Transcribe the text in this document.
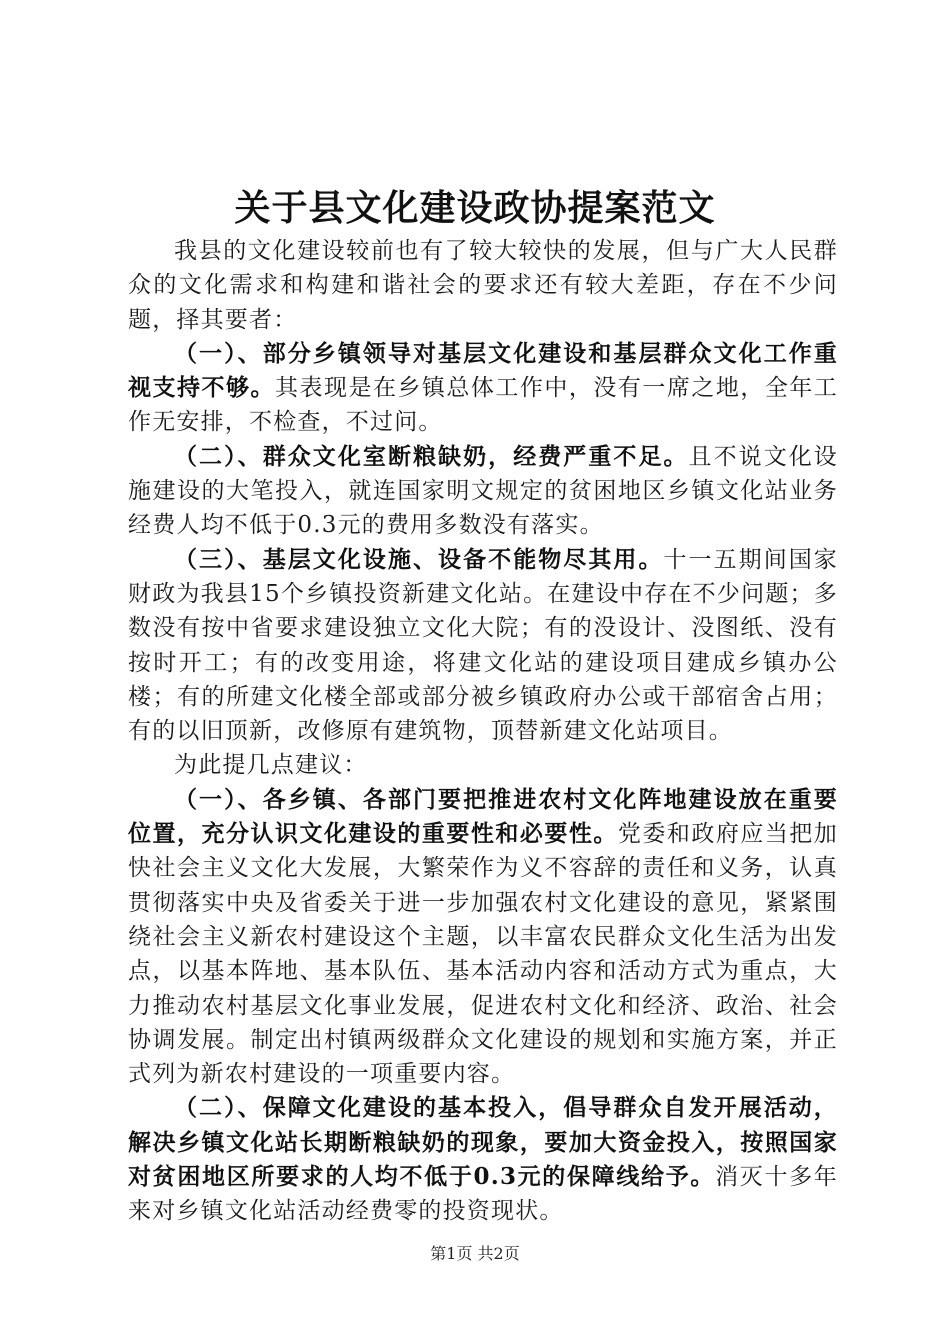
关于县文化建设政协提案范文

我县的文化建设较前也有了较大较快的发展，但与广大人民群众的文化需求和构建和谐社会的要求还有较大差距，存在不少问题，择其要者：

（一）、部分乡镇领导对基层文化建设和基层群众文化工作重视支持不够。其表现是在乡镇总体工作中，没有一席之地，全年工作无安排，不检查，不过问。

（二）、群众文化室断粮缺奶，经费严重不足。且不说文化设施建设的大笔投入，就连国家明文规定的贫困地区乡镇文化站业务经费人均不低于0.3元的费用多数没有落实。

（三）、基层文化设施、设备不能物尽其用。十一五期间国家财政为我县15个乡镇投资新建文化站。在建设中存在不少问题；多数没有按中省要求建设独立文化大院；有的没设计、没图纸、没有按时开工；有的改变用途，将建文化站的建设项目建成乡镇办公楼；有的所建文化楼全部或部分被乡镇政府办公或干部宿舍占用；有的以旧顶新，改修原有建筑物，顶替新建文化站项目。

为此提几点建议：

（一）、各乡镇、各部门要把推进农村文化阵地建设放在重要位置，充分认识文化建设的重要性和必要性。党委和政府应当把加快社会主义文化大发展，大繁荣作为义不容辞的责任和义务，认真贯彻落实中央及省委关于进一步加强农村文化建设的意见，紧紧围绕社会主义新农村建设这个主题，以丰富农民群众文化生活为出发点，以基本阵地、基本队伍、基本活动内容和活动方式为重点，大力推动农村基层文化事业发展，促进农村文化和经济、政治、社会协调发展。制定出村镇两级群众文化建设的规划和实施方案，并正式列为新农村建设的一项重要内容。

（二）、保障文化建设的基本投入，倡导群众自发开展活动，解决乡镇文化站长期断粮缺奶的现象，要加大资金投入，按照国家对贫困地区所要求的人均不低于0.3元的保障线给予。消灭十多年来对乡镇文化站活动经费零的投资现状。

第1页 共2页
